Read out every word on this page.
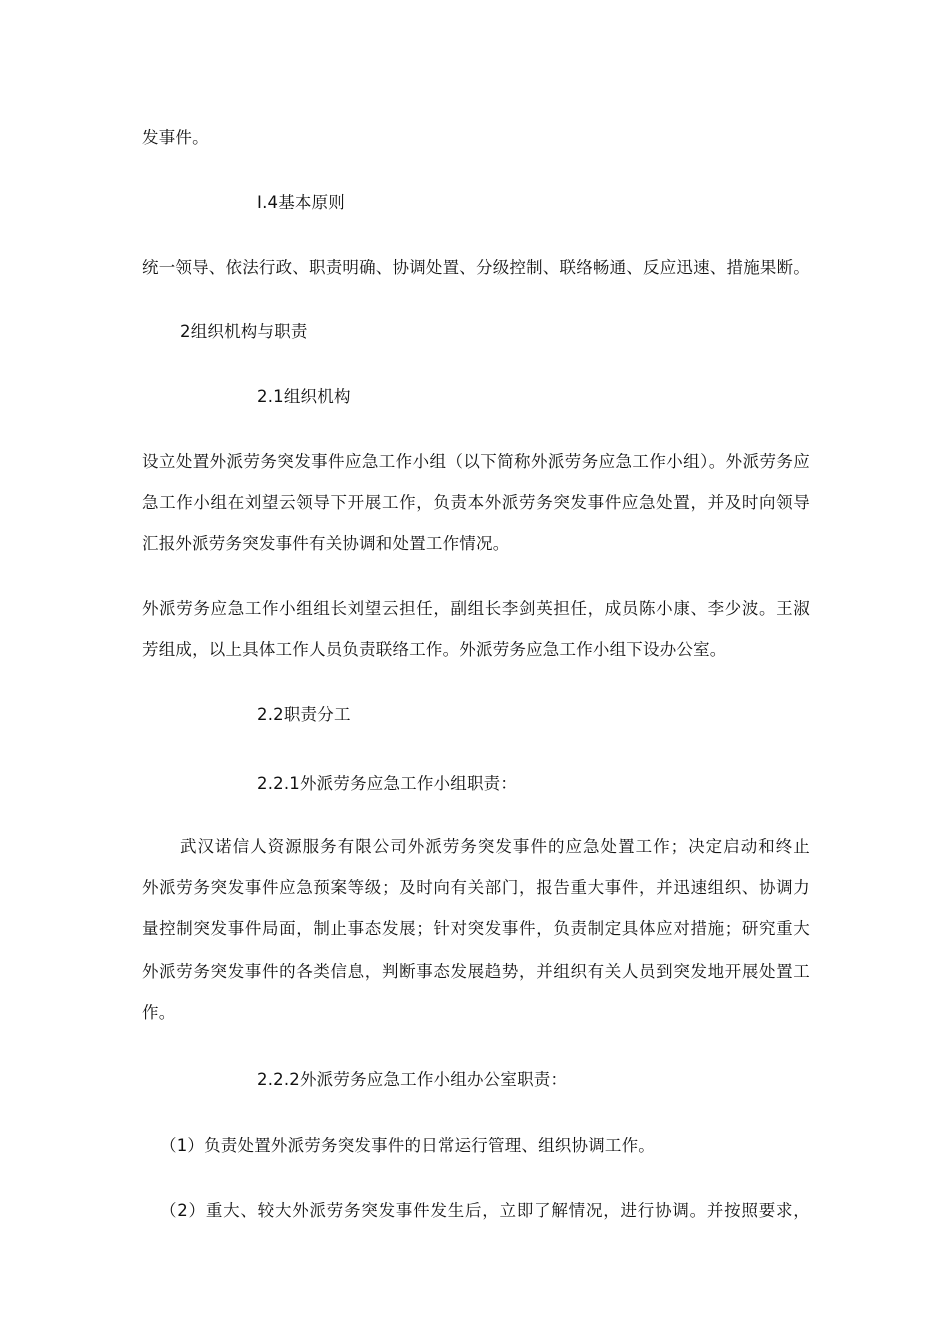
发事件。
Ⅰ.4基本原则
统一领导、依法行政、职责明确、协调处置、分级控制、联络畅通、反应迅速、措施果断。
2组织机构与职责
2.1组织机构
设立处置外派劳务突发事件应急工作小组（以下简称外派劳务应急工作小组）。外派劳务应
急工作小组在刘望云领导下开展工作，负责本外派劳务突发事件应急处置，并及时向领导
汇报外派劳务突发事件有关协调和处置工作情况。
外派劳务应急工作小组组长刘望云担任，副组长李剑英担任，成员陈小康、李少波。王淑
芳组成，以上具体工作人员负责联络工作。外派劳务应急工作小组下设办公室。
2.2职责分工
2.2.1外派劳务应急工作小组职责：
武汉诺信人资源服务有限公司外派劳务突发事件的应急处置工作；决定启动和终止
外派劳务突发事件应急预案等级；及时向有关部门，报告重大事件，并迅速组织、协调力
量控制突发事件局面，制止事态发展；针对突发事件，负责制定具体应对措施；研究重大
外派劳务突发事件的各类信息，判断事态发展趋势，并组织有关人员到突发地开展处置工
作。
2.2.2外派劳务应急工作小组办公室职责：
（1）负责处置外派劳务突发事件的日常运行管理、组织协调工作。
（2）重大、较大外派劳务突发事件发生后，立即了解情况，进行协调。并按照要求，
